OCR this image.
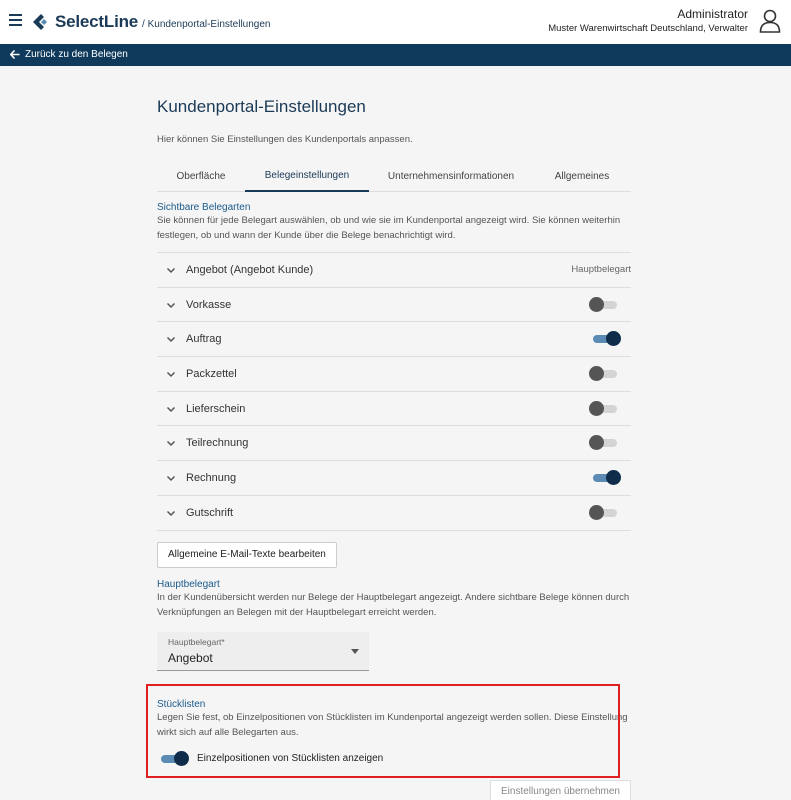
SelectLine / Kundenportal-Einstellungen
Administrator
Muster Warenwirtschaft Deutschland, Verwalter
Zurück zu den Belegen
Kundenportal-Einstellungen
Hier können Sie Einstellungen des Kundenportals anpassen.
Oberfläche	Belegeinstellungen	Unternehmensinformationen	Allgemeines
Sichtbare Belegarten
Sie können für jede Belegart auswählen, ob und wie sie im Kundenportal angezeigt wird. Sie können weiterhin festlegen, ob und wann der Kunde über die Belege benachrichtigt wird.
Angebot (Angebot Kunde)	Hauptbelegart
Vorkasse
Auftrag
Packzettel
Lieferschein
Teilrechnung
Rechnung
Gutschrift
Allgemeine E-Mail-Texte bearbeiten
Hauptbelegart
In der Kundenübersicht werden nur Belege der Hauptbelegart angezeigt. Andere sichtbare Belege können durch Verknüpfungen an Belegen mit der Hauptbelegart erreicht werden.
Hauptbelegart*
Angebot
Stücklisten
Legen Sie fest, ob Einzelpositionen von Stücklisten im Kundenportal angezeigt werden sollen. Diese Einstellung wirkt sich auf alle Belegarten aus.
Einzelpositionen von Stücklisten anzeigen
Einstellungen übernehmen
